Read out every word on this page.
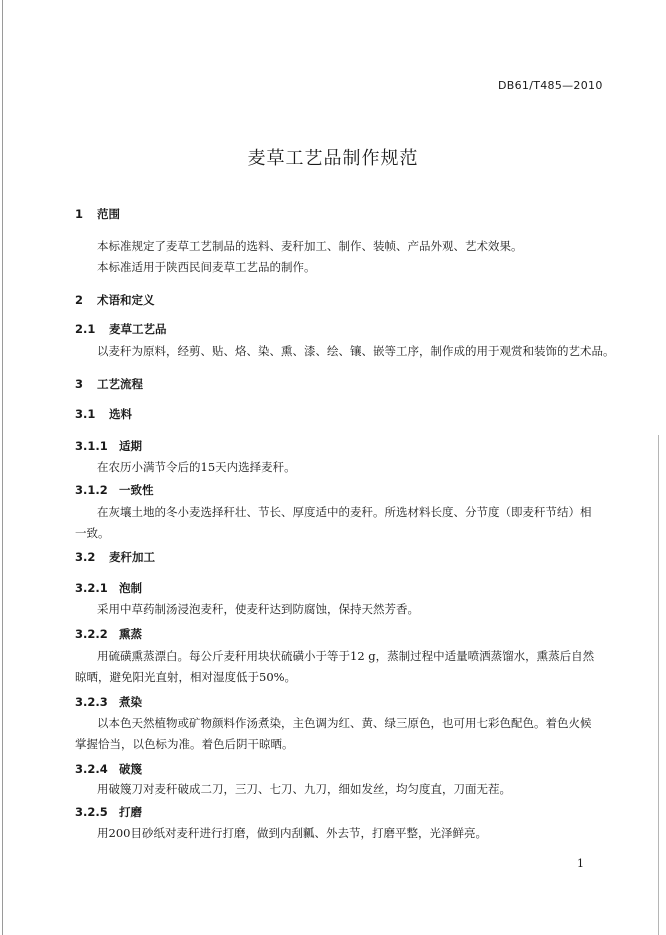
DB61/T485—2010
麦草工艺品制作规范
1 范围
本标准规定了麦草工艺制品的选料、麦秆加工、制作、装帧、产品外观、艺术效果。
本标准适用于陕西民间麦草工艺品的制作。
2 术语和定义
2.1 麦草工艺品
以麦秆为原料，经剪、贴、烙、染、熏、漆、绘、镶、嵌等工序，制作成的用于观赏和装饰的艺术品。
3 工艺流程
3.1 选料
3.1.1 适期
在农历小满节令后的15天内选择麦秆。
3.1.2 一致性
在灰壤土地的冬小麦选择秆壮、节长、厚度适中的麦秆。所选材料长度、分节度（即麦秆节结）相
一致。
3.2 麦秆加工
3.2.1 泡制
采用中草药制汤浸泡麦秆，使麦秆达到防腐蚀，保持天然芳香。
3.2.2 熏蒸
用硫磺熏蒸漂白。每公斤麦秆用块状硫磺小于等于12 g，蒸制过程中适量喷洒蒸馏水，熏蒸后自然
晾晒，避免阳光直射，相对湿度低于50%。
3.2.3 煮染
以本色天然植物或矿物颜料作汤煮染，主色调为红、黄、绿三原色，也可用七彩色配色。着色火候
掌握恰当，以色标为准。着色后阴干晾晒。
3.2.4 破篾
用破篾刀对麦秆破成二刀，三刀、七刀、九刀，细如发丝，均匀度直，刀面无茬。
3.2.5 打磨
用200目砂纸对麦秆进行打磨，做到内刮瓤、外去节，打磨平整，光泽鲜亮。
1
